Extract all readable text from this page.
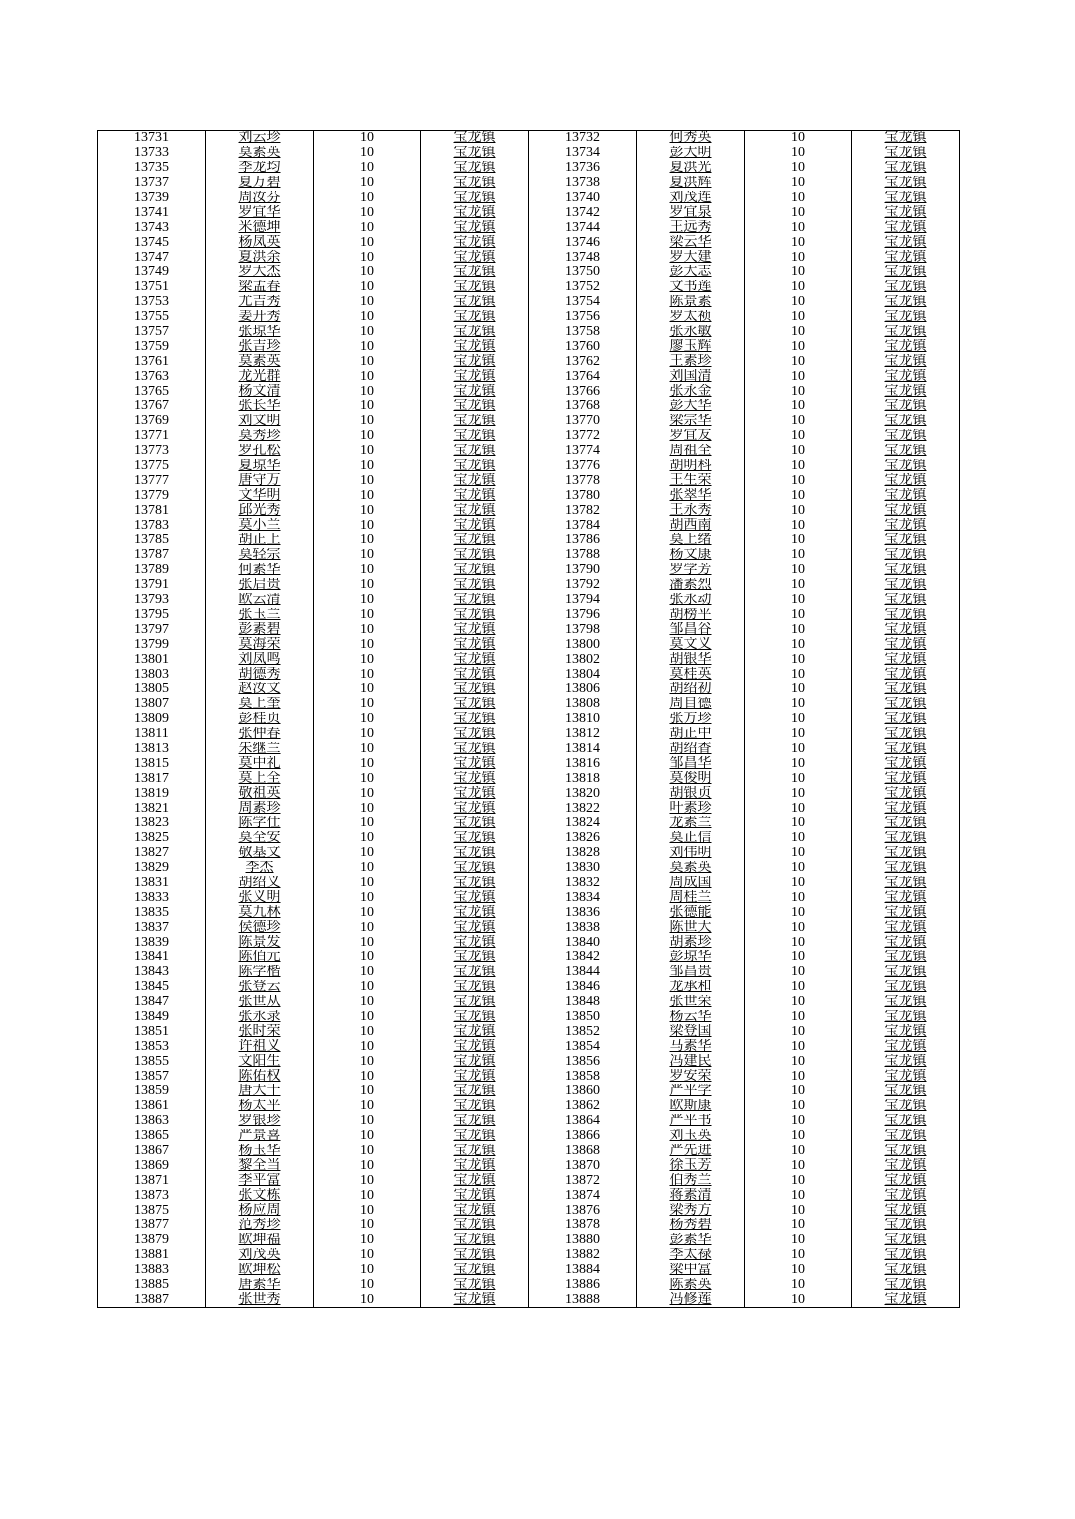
13731	刘云珍	10	宝龙镇	13732	何秀英	10	宝龙镇
13733	莫素英	10	宝龙镇	13734	彭大明	10	宝龙镇
13735	李龙均	10	宝龙镇	13736	夏洪光	10	宝龙镇
13737	夏万碧	10	宝龙镇	13738	夏洪辉	10	宝龙镇
13739	周汝芬	10	宝龙镇	13740	刘茂连	10	宝龙镇
13741	罗宜华	10	宝龙镇	13742	罗宜泉	10	宝龙镇
13743	米德坤	10	宝龙镇	13744	王远秀	10	宝龙镇
13745	杨凤英	10	宝龙镇	13746	梁云华	10	宝龙镇
13747	夏洪余	10	宝龙镇	13748	罗大建	10	宝龙镇
13749	罗大杰	10	宝龙镇	13750	彭大志	10	宝龙镇
13751	梁孟春	10	宝龙镇	13752	文书莲	10	宝龙镇
13753	尤吉秀	10	宝龙镇	13754	陈景素	10	宝龙镇
13755	姜开秀	10	宝龙镇	13756	罗太祯	10	宝龙镇
13757	张琼华	10	宝龙镇	13758	张永敏	10	宝龙镇
13759	张吉珍	10	宝龙镇	13760	廖玉辉	10	宝龙镇
13761	莫素英	10	宝龙镇	13762	王素珍	10	宝龙镇
13763	龙光群	10	宝龙镇	13764	刘国清	10	宝龙镇
13765	杨文清	10	宝龙镇	13766	张永金	10	宝龙镇
13767	张长华	10	宝龙镇	13768	彭大华	10	宝龙镇
13769	刘文明	10	宝龙镇	13770	梁宗华	10	宝龙镇
13771	莫秀珍	10	宝龙镇	13772	罗宜友	10	宝龙镇
13773	罗孔松	10	宝龙镇	13774	周祖全	10	宝龙镇
13775	夏琼华	10	宝龙镇	13776	胡明科	10	宝龙镇
13777	唐守万	10	宝龙镇	13778	王生荣	10	宝龙镇
13779	文华明	10	宝龙镇	13780	张翠华	10	宝龙镇
13781	邱光秀	10	宝龙镇	13782	王永秀	10	宝龙镇
13783	莫小兰	10	宝龙镇	13784	胡西南	10	宝龙镇
13785	胡正上	10	宝龙镇	13786	莫上绪	10	宝龙镇
13787	莫轻宗	10	宝龙镇	13788	杨文康	10	宝龙镇
13789	何素华	10	宝龙镇	13790	罗学芳	10	宝龙镇
13791	张启贵	10	宝龙镇	13792	潘素烈	10	宝龙镇
13793	欧云清	10	宝龙镇	13794	张永动	10	宝龙镇
13795	张玉兰	10	宝龙镇	13796	胡榜平	10	宝龙镇
13797	彭素碧	10	宝龙镇	13798	邹昌谷	10	宝龙镇
13799	莫海荣	10	宝龙镇	13800	莫文义	10	宝龙镇
13801	刘凤鸣	10	宝龙镇	13802	胡银华	10	宝龙镇
13803	胡德秀	10	宝龙镇	13804	莫桂英	10	宝龙镇
13805	赵汝文	10	宝龙镇	13806	胡绍初	10	宝龙镇
13807	莫上奎	10	宝龙镇	13808	周自德	10	宝龙镇
13809	彭桂贞	10	宝龙镇	13810	张方珍	10	宝龙镇
13811	张仲春	10	宝龙镇	13812	胡正中	10	宝龙镇
13813	朱继兰	10	宝龙镇	13814	胡绍香	10	宝龙镇
13815	莫中礼	10	宝龙镇	13816	邹昌华	10	宝龙镇
13817	莫上全	10	宝龙镇	13818	莫俊明	10	宝龙镇
13819	敬祖英	10	宝龙镇	13820	胡银贞	10	宝龙镇
13821	周素珍	10	宝龙镇	13822	叶素珍	10	宝龙镇
13823	陈学仕	10	宝龙镇	13824	龙素兰	10	宝龙镇
13825	莫全安	10	宝龙镇	13826	莫正信	10	宝龙镇
13827	敬基文	10	宝龙镇	13828	刘伟明	10	宝龙镇
13829	李杰	10	宝龙镇	13830	莫素英	10	宝龙镇
13831	胡绍义	10	宝龙镇	13832	周成国	10	宝龙镇
13833	张义明	10	宝龙镇	13834	周桂兰	10	宝龙镇
13835	莫九林	10	宝龙镇	13836	张德能	10	宝龙镇
13837	侯德珍	10	宝龙镇	13838	陈世大	10	宝龙镇
13839	陈景发	10	宝龙镇	13840	胡素珍	10	宝龙镇
13841	陈佰元	10	宝龙镇	13842	彭琼华	10	宝龙镇
13843	陈学楷	10	宝龙镇	13844	邹昌贵	10	宝龙镇
13845	张登云	10	宝龙镇	13846	龙承和	10	宝龙镇
13847	张世从	10	宝龙镇	13848	张世荣	10	宝龙镇
13849	张永录	10	宝龙镇	13850	杨云华	10	宝龙镇
13851	张时荣	10	宝龙镇	13852	梁登国	10	宝龙镇
13853	许祖义	10	宝龙镇	13854	马素华	10	宝龙镇
13855	文阳生	10	宝龙镇	13856	冯建民	10	宝龙镇
13857	陈佑权	10	宝龙镇	13858	罗安荣	10	宝龙镇
13859	唐大千	10	宝龙镇	13860	严平学	10	宝龙镇
13861	杨太平	10	宝龙镇	13862	欧斯康	10	宝龙镇
13863	罗银珍	10	宝龙镇	13864	严平书	10	宝龙镇
13865	严景喜	10	宝龙镇	13866	刘玉英	10	宝龙镇
13867	杨玉华	10	宝龙镇	13868	严先进	10	宝龙镇
13869	黎全当	10	宝龙镇	13870	徐玉芳	10	宝龙镇
13871	李平富	10	宝龙镇	13872	伯秀兰	10	宝龙镇
13873	张文栋	10	宝龙镇	13874	蒋素清	10	宝龙镇
13875	杨应周	10	宝龙镇	13876	梁秀方	10	宝龙镇
13877	范秀珍	10	宝龙镇	13878	杨秀碧	10	宝龙镇
13879	欧坤福	10	宝龙镇	13880	彭素华	10	宝龙镇
13881	刘茂英	10	宝龙镇	13882	李太禄	10	宝龙镇
13883	欧坤松	10	宝龙镇	13884	梁中富	10	宝龙镇
13885	唐素华	10	宝龙镇	13886	陈素英	10	宝龙镇
13887	张世秀	10	宝龙镇	13888	冯修莲	10	宝龙镇
